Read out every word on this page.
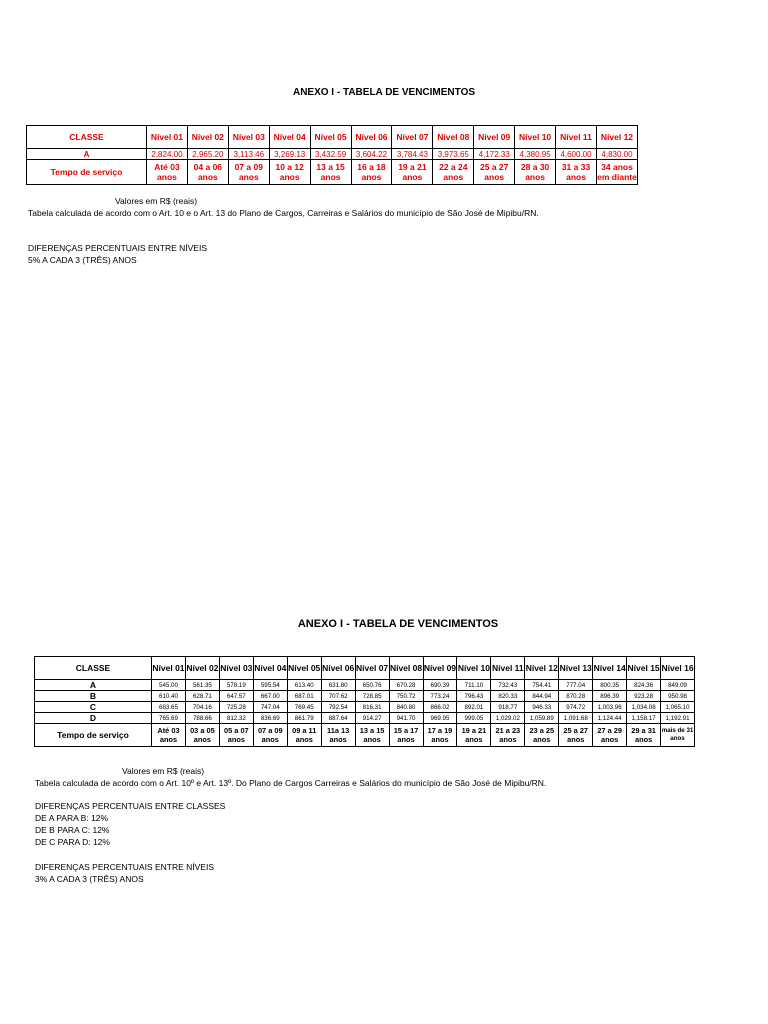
ANEXO I - TABELA DE VENCIMENTOS
CLASSE	Nível 01	Nível 02	Nível 03	Nível 04	Nível 05	Nível 06	Nível 07	Nível 08	Nível 09	Nível 10	Nível 11	Nível 12
A	2,824.00	2,965.20	3,113.46	3,269.13	3,432.59	3,604.22	3,784.43	3,973.65	4,172.33	4,380.95	4,600.00	4,830.00
Tempo de serviço	Até 03 anos	04 a 06 anos	07 a 09 anos	10 a 12 anos	13 a 15 anos	16 a 18 anos	19 a 21 anos	22 a 24 anos	25 a 27 anos	28 a 30 anos	31 a 33 anos	34 anos em diante
Valores em R$ (reais)
Tabela calculada de acordo com o Art. 10 e o Art. 13 do Plano de Cargos, Carreiras e Salários do município de São José de Mipibu/RN.
DIFERENÇAS PERCENTUAIS ENTRE NÍVEIS
5% A CADA 3 (TRÊS) ANOS
ANEXO I - TABELA DE VENCIMENTOS
CLASSE	Nível 01	Nível 02	Nível 03	Nível 04	Nível 05	Nível 06	Nível 07	Nível 08	Nível 09	Nível 10	Nível 11	Nível 12	Nível 13	Nível 14	Nível 15	Nível 16
A	545.00	561.35	578.19	595.54	613.40	631.80	650.76	670.28	690.39	711.10	732.43	754.41	777.04	800.35	824.36	849.09
B	610.40	628.71	647.57	667.00	687.01	707.62	728.85	750.72	773.24	796.43	820.33	844.94	870.28	896.39	923.28	950.98
C	683.65	704.16	725.28	747.04	769.45	792.54	816.31	840.80	866.02	892.01	918.77	946.33	974.72	1,003.96	1,034.08	1,065.10
D	765.69	788.66	812.32	836.69	861.79	887.64	914.27	941.70	969.95	999.05	1,029.02	1,059.89	1,091.68	1,124.44	1,158.17	1,192.91
Tempo de serviço	Até 03 anos	03 a 05 anos	05 a 07 anos	07 a 09 anos	09 a 11 anos	11a 13 anos	13 a 15 anos	15 a 17 anos	17 a 19 anos	19 a 21 anos	21 a 23 anos	23 a 25 anos	25 a 27 anos	27 a 29 anos	29 a 31 anos	mais de 31 anos
Valores em R$ (reais)
Tabela calculada de acordo com o Art. 10º e Art. 13º. Do Plano de Cargos Carreiras e Salários do município de São José de Mipibu/RN.
DIFERENÇAS PERCENTUAIS ENTRE CLASSES
DE A PARA B: 12%
DE B PARA C: 12%
DE C PARA D: 12%
DIFERENÇAS PERCENTUAIS ENTRE NÍVEIS
3% A CADA 3 (TRÊS) ANOS
